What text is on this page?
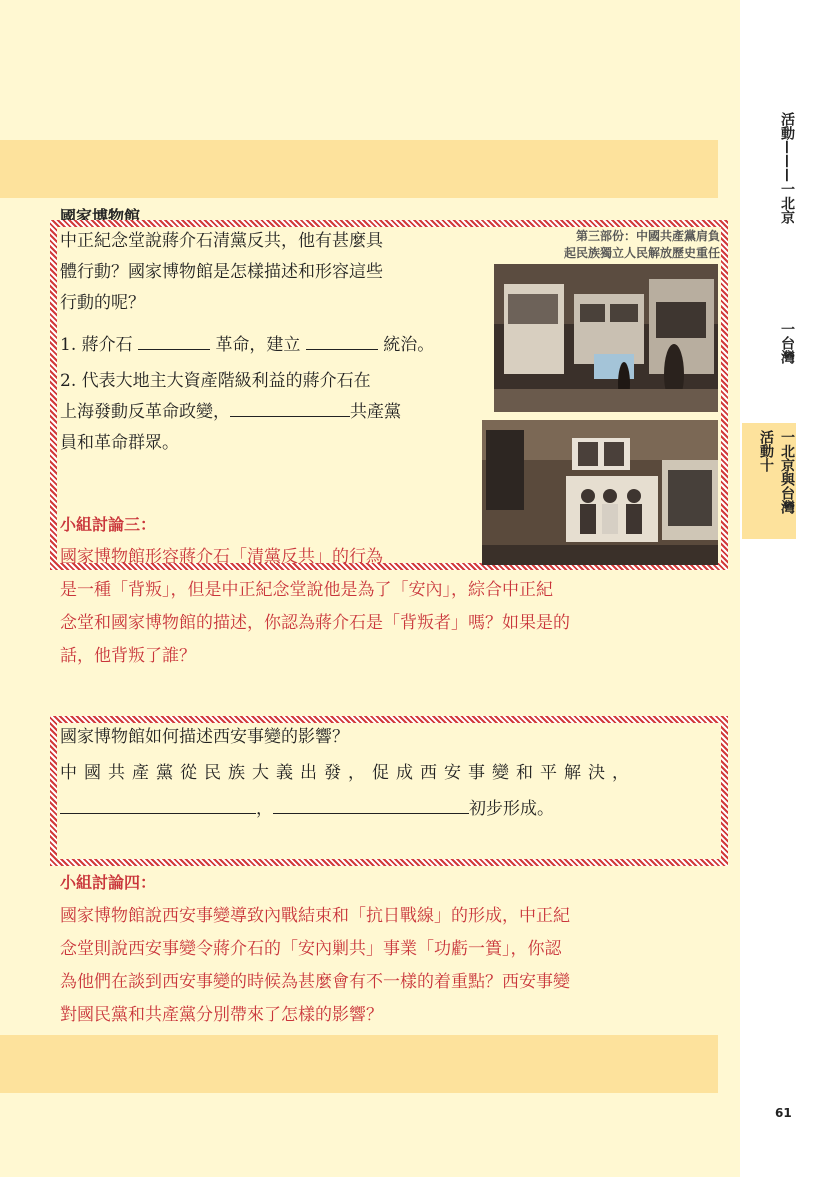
活動———一北京
一台灣
活動十 一北京與台灣
61
國家博物館
中正紀念堂說蔣介石清黨反共，他有甚麼具
體行動？國家博物館是怎樣描述和形容這些
行動的呢？
1. 蔣介石	革命，建立	統治。
2. 代表大地主大資產階級利益的蔣介石在
上海發動反革命政變，	共產黨
員和革命群眾。
第三部份：中國共產黨肩負
起民族獨立人民解放歷史重任
小組討論三：
國家博物館形容蔣介石「清黨反共」的行為
是一種「背叛」，但是中正紀念堂說他是為了「安內」，綜合中正紀
念堂和國家博物館的描述，你認為蔣介石是「背叛者」嗎？如果是的
話，他背叛了誰？
國家博物館如何描述西安事變的影響？
中國共產黨從民族大義出發，促成西安事變和平解決，
，	初步形成。
小組討論四：
國家博物館說西安事變導致內戰結束和「抗日戰線」的形成，中正紀
念堂則說西安事變令蔣介石的「安內剿共」事業「功虧一簣」，你認
為他們在談到西安事變的時候為甚麼會有不一樣的着重點？西安事變
對國民黨和共產黨分別帶來了怎樣的影響？
